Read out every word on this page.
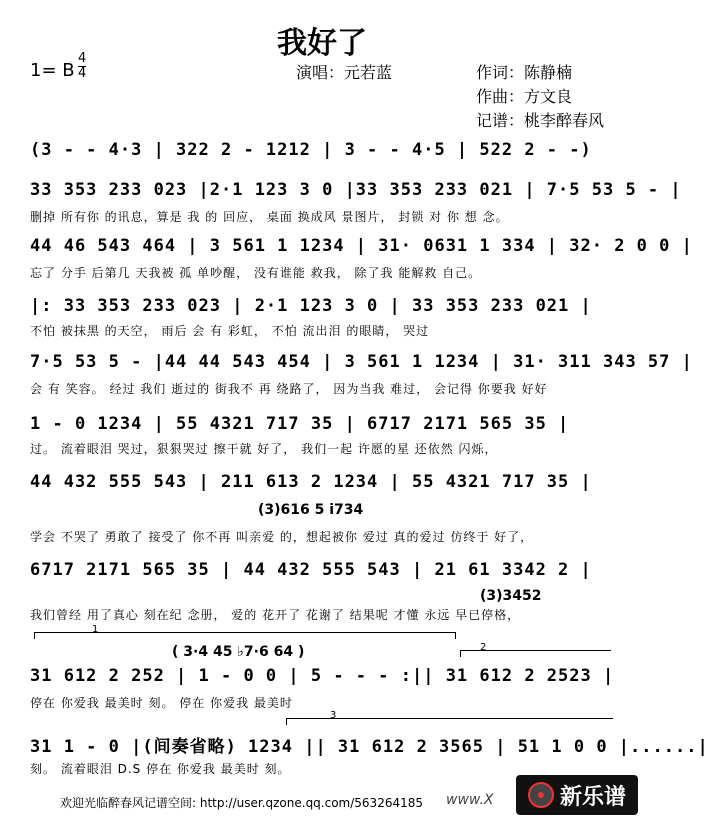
我好了
1= B $\frac{4}{4}$	演唱：元若蓝	作词：陈静楠
作曲：方文良
记谱：桃李醉春风
(3 - - 4·3 | 322 2 - 1212 | 3 - - 4·5 | 522 2 - -)
33 353 233 023 |2·1 123 3 0 |33 353 233 021 | 7·5 53 5 - |
删掉 所有你 的讯息，算是 我 的 回应， 桌面 换成风 景图片， 封锁 对 你 想 念。
44 46 543 464 | 3 561 1 1234 | 31· 0631 1 334 | 32· 2 0 0 |
忘了 分手 后第几 天我被 孤 单吵醒， 没有谁能 救我， 除了我 能解救 自己。
|: 33 353 233 023 | 2·1 123 3 0 | 33 353 233 021 |
不怕 被抹黑 的天空， 雨后 会 有 彩虹， 不怕 流出泪 的眼睛， 哭过
7·5 53 5 - |44 44 543 454 | 3 561 1 1234 | 31· 311 343 57 |
会 有 笑容。 经过 我们 逝过的 街我不 再 绕路了， 因为当我 难过， 会记得 你要我 好好
1 - 0 1234 | 55 4321 717 35 | 6717 2171 565 35 |
过。 流着眼泪 哭过，狠狠哭过 擦干就 好了， 我们一起 许愿的星 还依然 闪烁，
44 432 555 543 | 211 613 2 1234 | 55 4321 717 35 |
(3)616 5 i734
学会 不哭了 勇敢了 接受了 你不再 叫亲爱 的，想起被你 爱过 真的爱过 仿终于 好了，
6717 2171 565 35 | 44 432 555 543 | 21 61 3342 2 |
(3)3452
我们曾经 用了真心 刻在纪 念册， 爱的 花开了 花谢了 结果呢 才懂 永远 早已停格，
1
2
( 3·4 45 ♭7·6 64 )
31 612 2 252 | 1 - 0 0 | 5 - - - :|| 31 612 2 2523 |
停在 你爱我 最美时 刻。 停在 你爱我 最美时
3
31 1 - 0 |(间奏省略) 1234 || 31 612 2 3565 | 51 1 0 0 |......|
刻。 流着眼泪 D.S 停在 你爱我 最美时 刻。
欢迎光临醉春风记谱空间: http://user.qzone.qq.com/563264185 www.X	新乐谱
